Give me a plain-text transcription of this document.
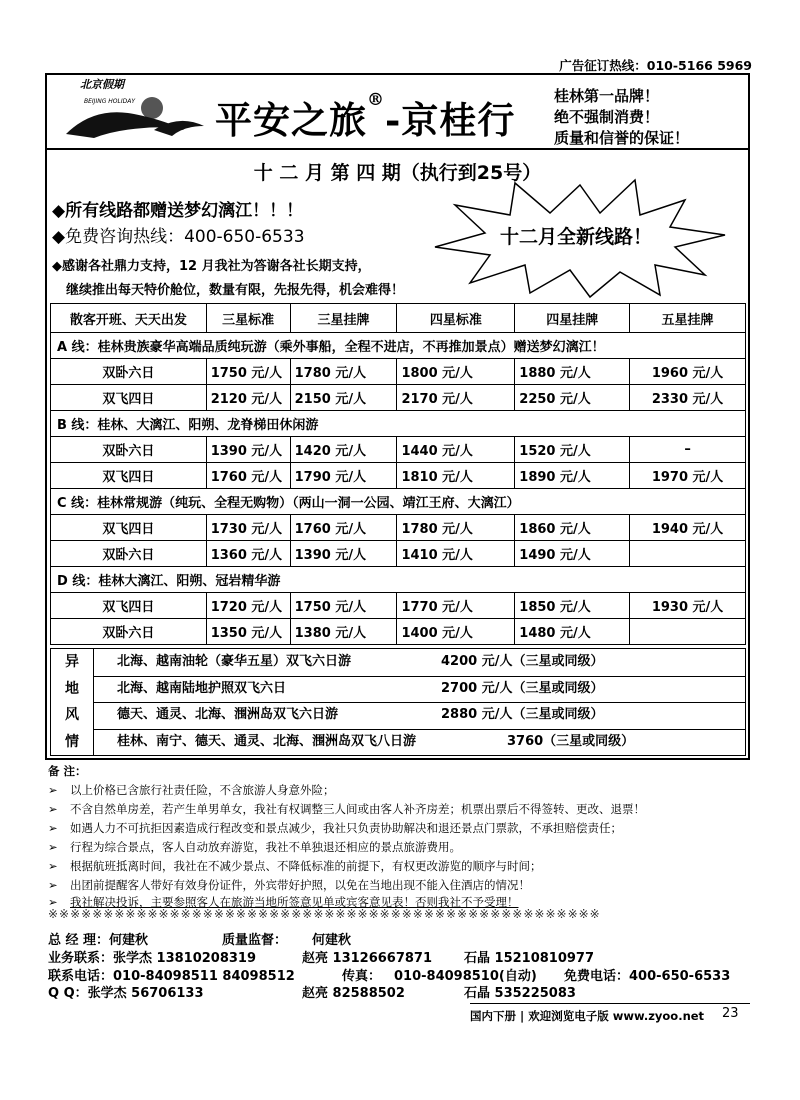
广告征订热线：010-5166 5969
北京假期
BEIJING HOLIDAY 平安之旅®-京桂行
桂林第一品牌！
绝不强制消费！
质量和信誉的保证！
十 二 月 第 四 期（执行到25号）
◆所有线路都赠送梦幻漓江！！！
◆免费咨询热线：400-650-6533
◆感谢各社鼎力支持，12 月我社为答谢各社长期支持，
继续推出每天特价舱位，数量有限，先报先得，机会难得！
十二月全新线路！
散客开班、天天出发	三星标准	三星挂牌	四星标准	四星挂牌	五星挂牌
A 线：桂林贵族豪华高端品质纯玩游（乘外事船，全程不进店，不再推加景点）赠送梦幻漓江！					
双卧六日	1750 元/人	1780 元/人	1800 元/人	1880 元/人	1960 元/人
双飞四日	2120 元/人	2150 元/人	2170 元/人	2250 元/人	2330 元/人
B 线：桂林、大漓江、阳朔、龙脊梯田休闲游					
双卧六日	1390 元/人	1420 元/人	1440 元/人	1520 元/人	–
双飞四日	1760 元/人	1790 元/人	1810 元/人	1890 元/人	1970 元/人
C 线：桂林常规游（纯玩、全程无购物）（两山一洞一公园、靖江王府、大漓江）					
双飞四日	1730 元/人	1760 元/人	1780 元/人	1860 元/人	1940 元/人
双卧六日	1360 元/人	1390 元/人	1410 元/人	1490 元/人	
D 线：桂林大漓江、阳朔、冠岩精华游					
双飞四日	1720 元/人	1750 元/人	1770 元/人	1850 元/人	1930 元/人
双卧六日	1350 元/人	1380 元/人	1400 元/人	1480 元/人	
异
地
风
情
北海、越南油轮（豪华五星）双飞六日游	4200 元/人（三星或同级）
北海、越南陆地护照双飞六日	2700 元/人（三星或同级）
德天、通灵、北海、涠洲岛双飞六日游	2880 元/人（三星或同级）
桂林、南宁、德天、通灵、北海、涠洲岛双飞八日游	3760（三星或同级）
备 注：
➢ 以上价格已含旅行社责任险，不含旅游人身意外险；
➢ 不含自然单房差，若产生单男单女，我社有权调整三人间或由客人补齐房差；机票出票后不得签转、更改、退票！
➢ 如遇人力不可抗拒因素造成行程改变和景点减少，我社只负责协助解决和退还景点门票款，不承担赔偿责任；
➢ 行程为综合景点，客人自动放弃游览，我社不单独退还相应的景点旅游费用。
➢ 根据航班抵离时间，我社在不减少景点、不降低标准的前提下，有权更改游览的顺序与时间；
➢ 出团前提醒客人带好有效身份证件，外宾带好护照，以免在当地出现不能入住酒店的情况！
➢ 我社解决投诉，主要参照客人在旅游当地所签意见单或宾客意见表！否则我社不予受理！
※※※※※※※※※※※※※※※※※※※※※※※※※※※※※※※※※※※※※※※※※※※※※※※※※※
总 经 理：何建秋	质量监督： 何建秋
业务联系：张学杰 13810208319	赵亮 13126667871 石晶 15210810977
联系电话：010-84098511 84098512	传真： 010-84098510(自动) 免费电话：400-650-6533
Q Q：张学杰 56706133	赵亮 82588502	石晶 535225083
国内下册 | 欢迎浏览电子版 www.zyoo.net 23
